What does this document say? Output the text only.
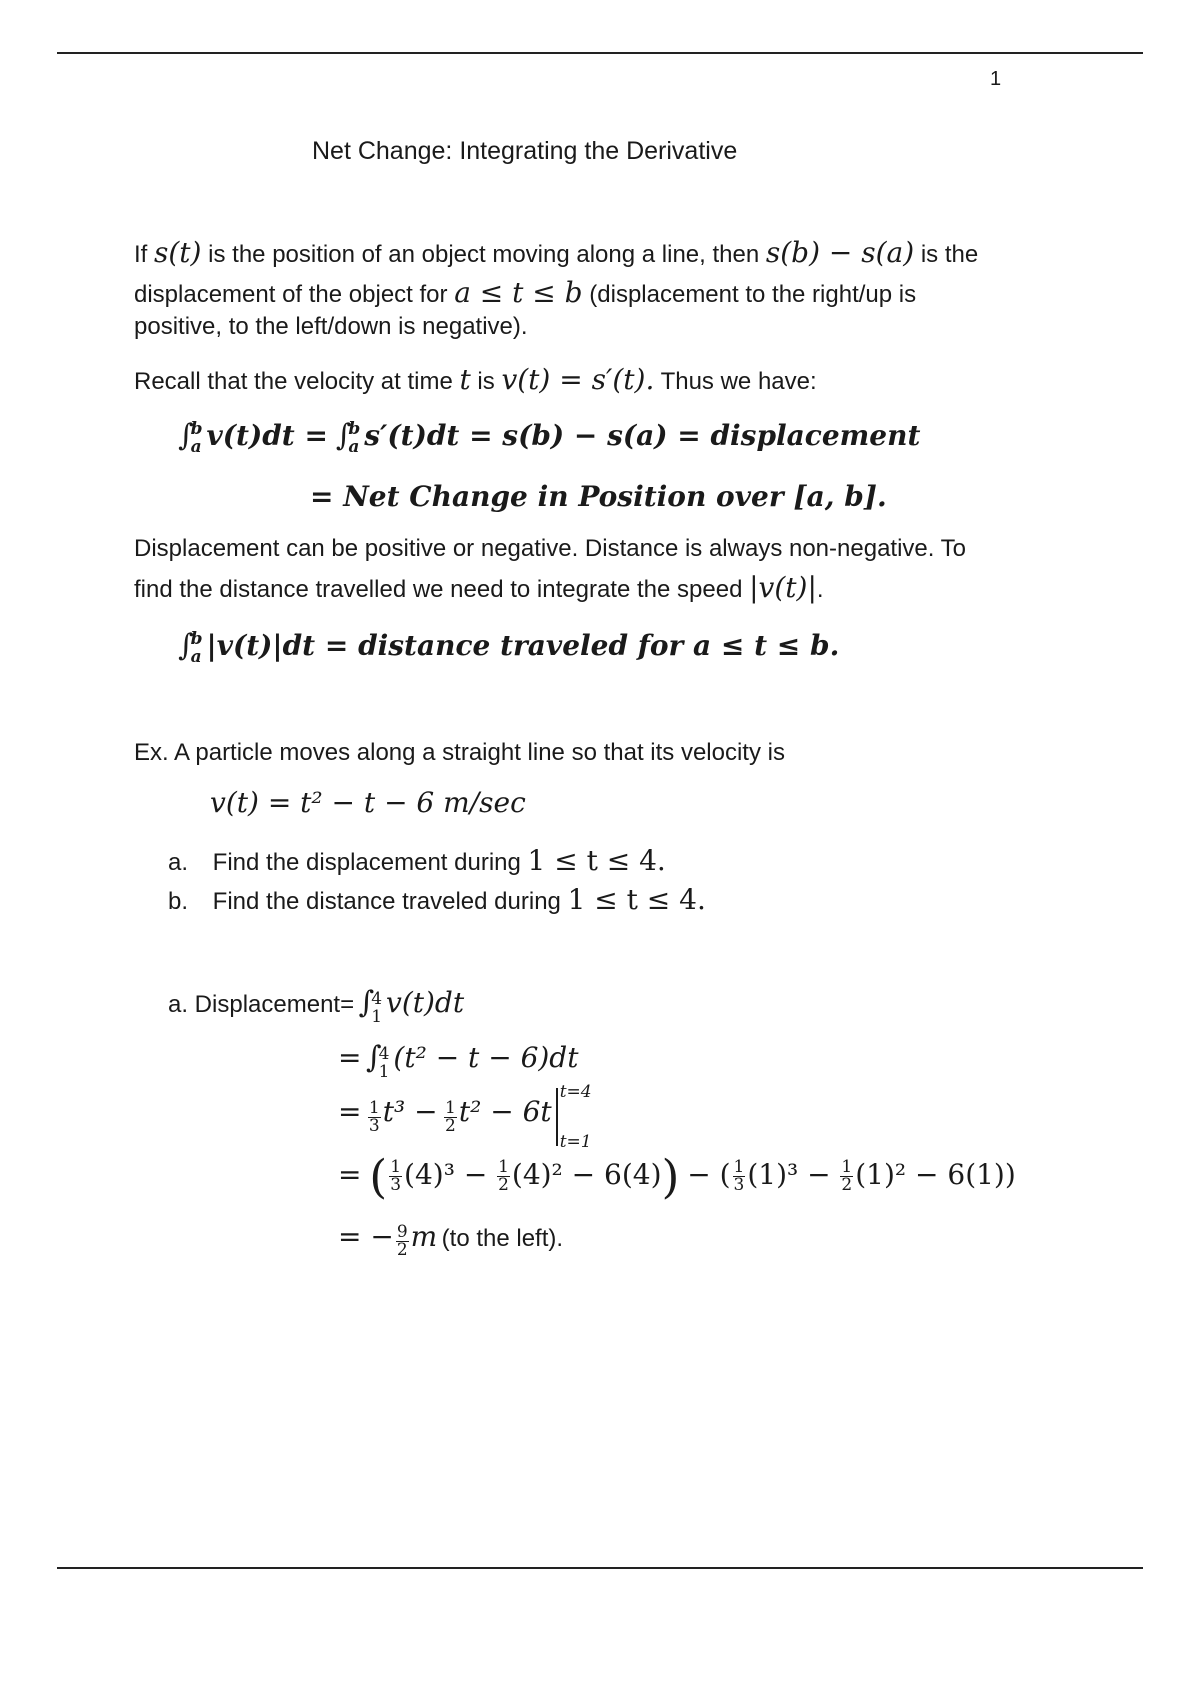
1
Net Change: Integrating the Derivative
If s(t) is the position of an object moving along a line, then s(b) − s(a) is the
displacement of the object for a ≤ t ≤ b (displacement to the right/up is
positive, to the left/down is negative).
Recall that the velocity at time t is v(t) = s′(t). Thus we have:
∫
b
a v(t)dt = ∫
b
a s′(t)dt = s(b) − s(a) = displacement
= Net Change in Position over [a, b].
Displacement can be positive or negative. Distance is always non-negative. To
find the distance travelled we need to integrate the speed |v(t)|.
∫
b
a |v(t)|dt = distance traveled for a ≤ t ≤ b.
Ex. A particle moves along a straight line so that its velocity is
v(t) = t² − t − 6 m/sec
a. Find the displacement during 1 ≤ t ≤ 4.
b. Find the distance traveled during 1 ≤ t ≤ 4.
a. Displacement= ∫
4
1 v(t)dt
= ∫
4
1 (t² − t − 6)dt
= $\frac{1}{3} t^3 - \frac{1}{2} t^2 - 6t$
t=4
t=1
= ( $\frac{1}{3} (4)^3 - \frac{1}{2} (4)^2 - 6(4)$) − ( $\frac{1}{3} (1)^3 - \frac{1}{2} (1)^2 - 6(1)$)
= − $\frac{9}{2}$ m (to the left).
